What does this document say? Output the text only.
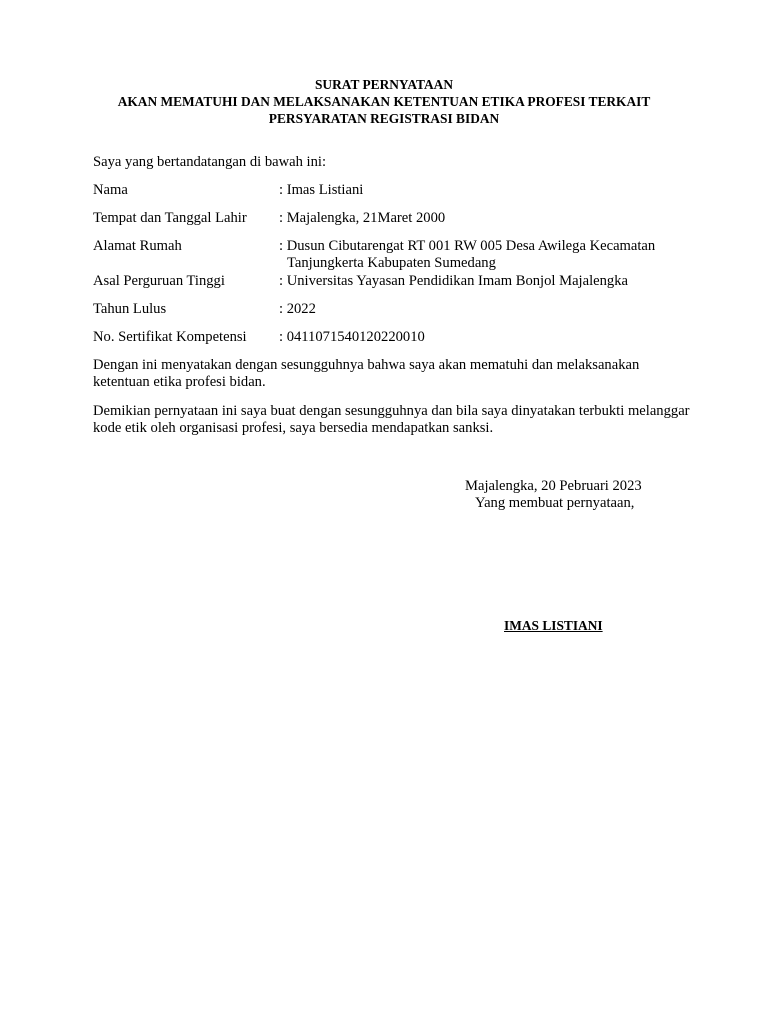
SURAT PERNYATAAN
AKAN MEMATUHI DAN MELAKSANAKAN KETENTUAN ETIKA PROFESI TERKAIT
PERSYARATAN REGISTRASI BIDAN
Saya yang bertandatangan di bawah ini:
Nama	: Imas Listiani
Tempat dan Tanggal Lahir : Majalengka, 21Maret 2000
Alamat Rumah	: Dusun Cibutarengat RT 001 RW 005 Desa Awilega Kecamatan
Tanjungkerta Kabupaten Sumedang
Asal Perguruan Tinggi	: Universitas Yayasan Pendidikan Imam Bonjol Majalengka
Tahun Lulus	: 2022
No. Sertifikat Kompetensi : 0411071540120220010
Dengan ini menyatakan dengan sesungguhnya bahwa saya akan mematuhi dan melaksanakan ketentuan etika profesi bidan.
Demikian pernyataan ini saya buat dengan sesungguhnya dan bila saya dinyatakan terbukti melanggar kode etik oleh organisasi profesi, saya bersedia mendapatkan sanksi.
Majalengka, 20 Pebruari 2023
Yang membuat pernyataan,
IMAS LISTIANI
